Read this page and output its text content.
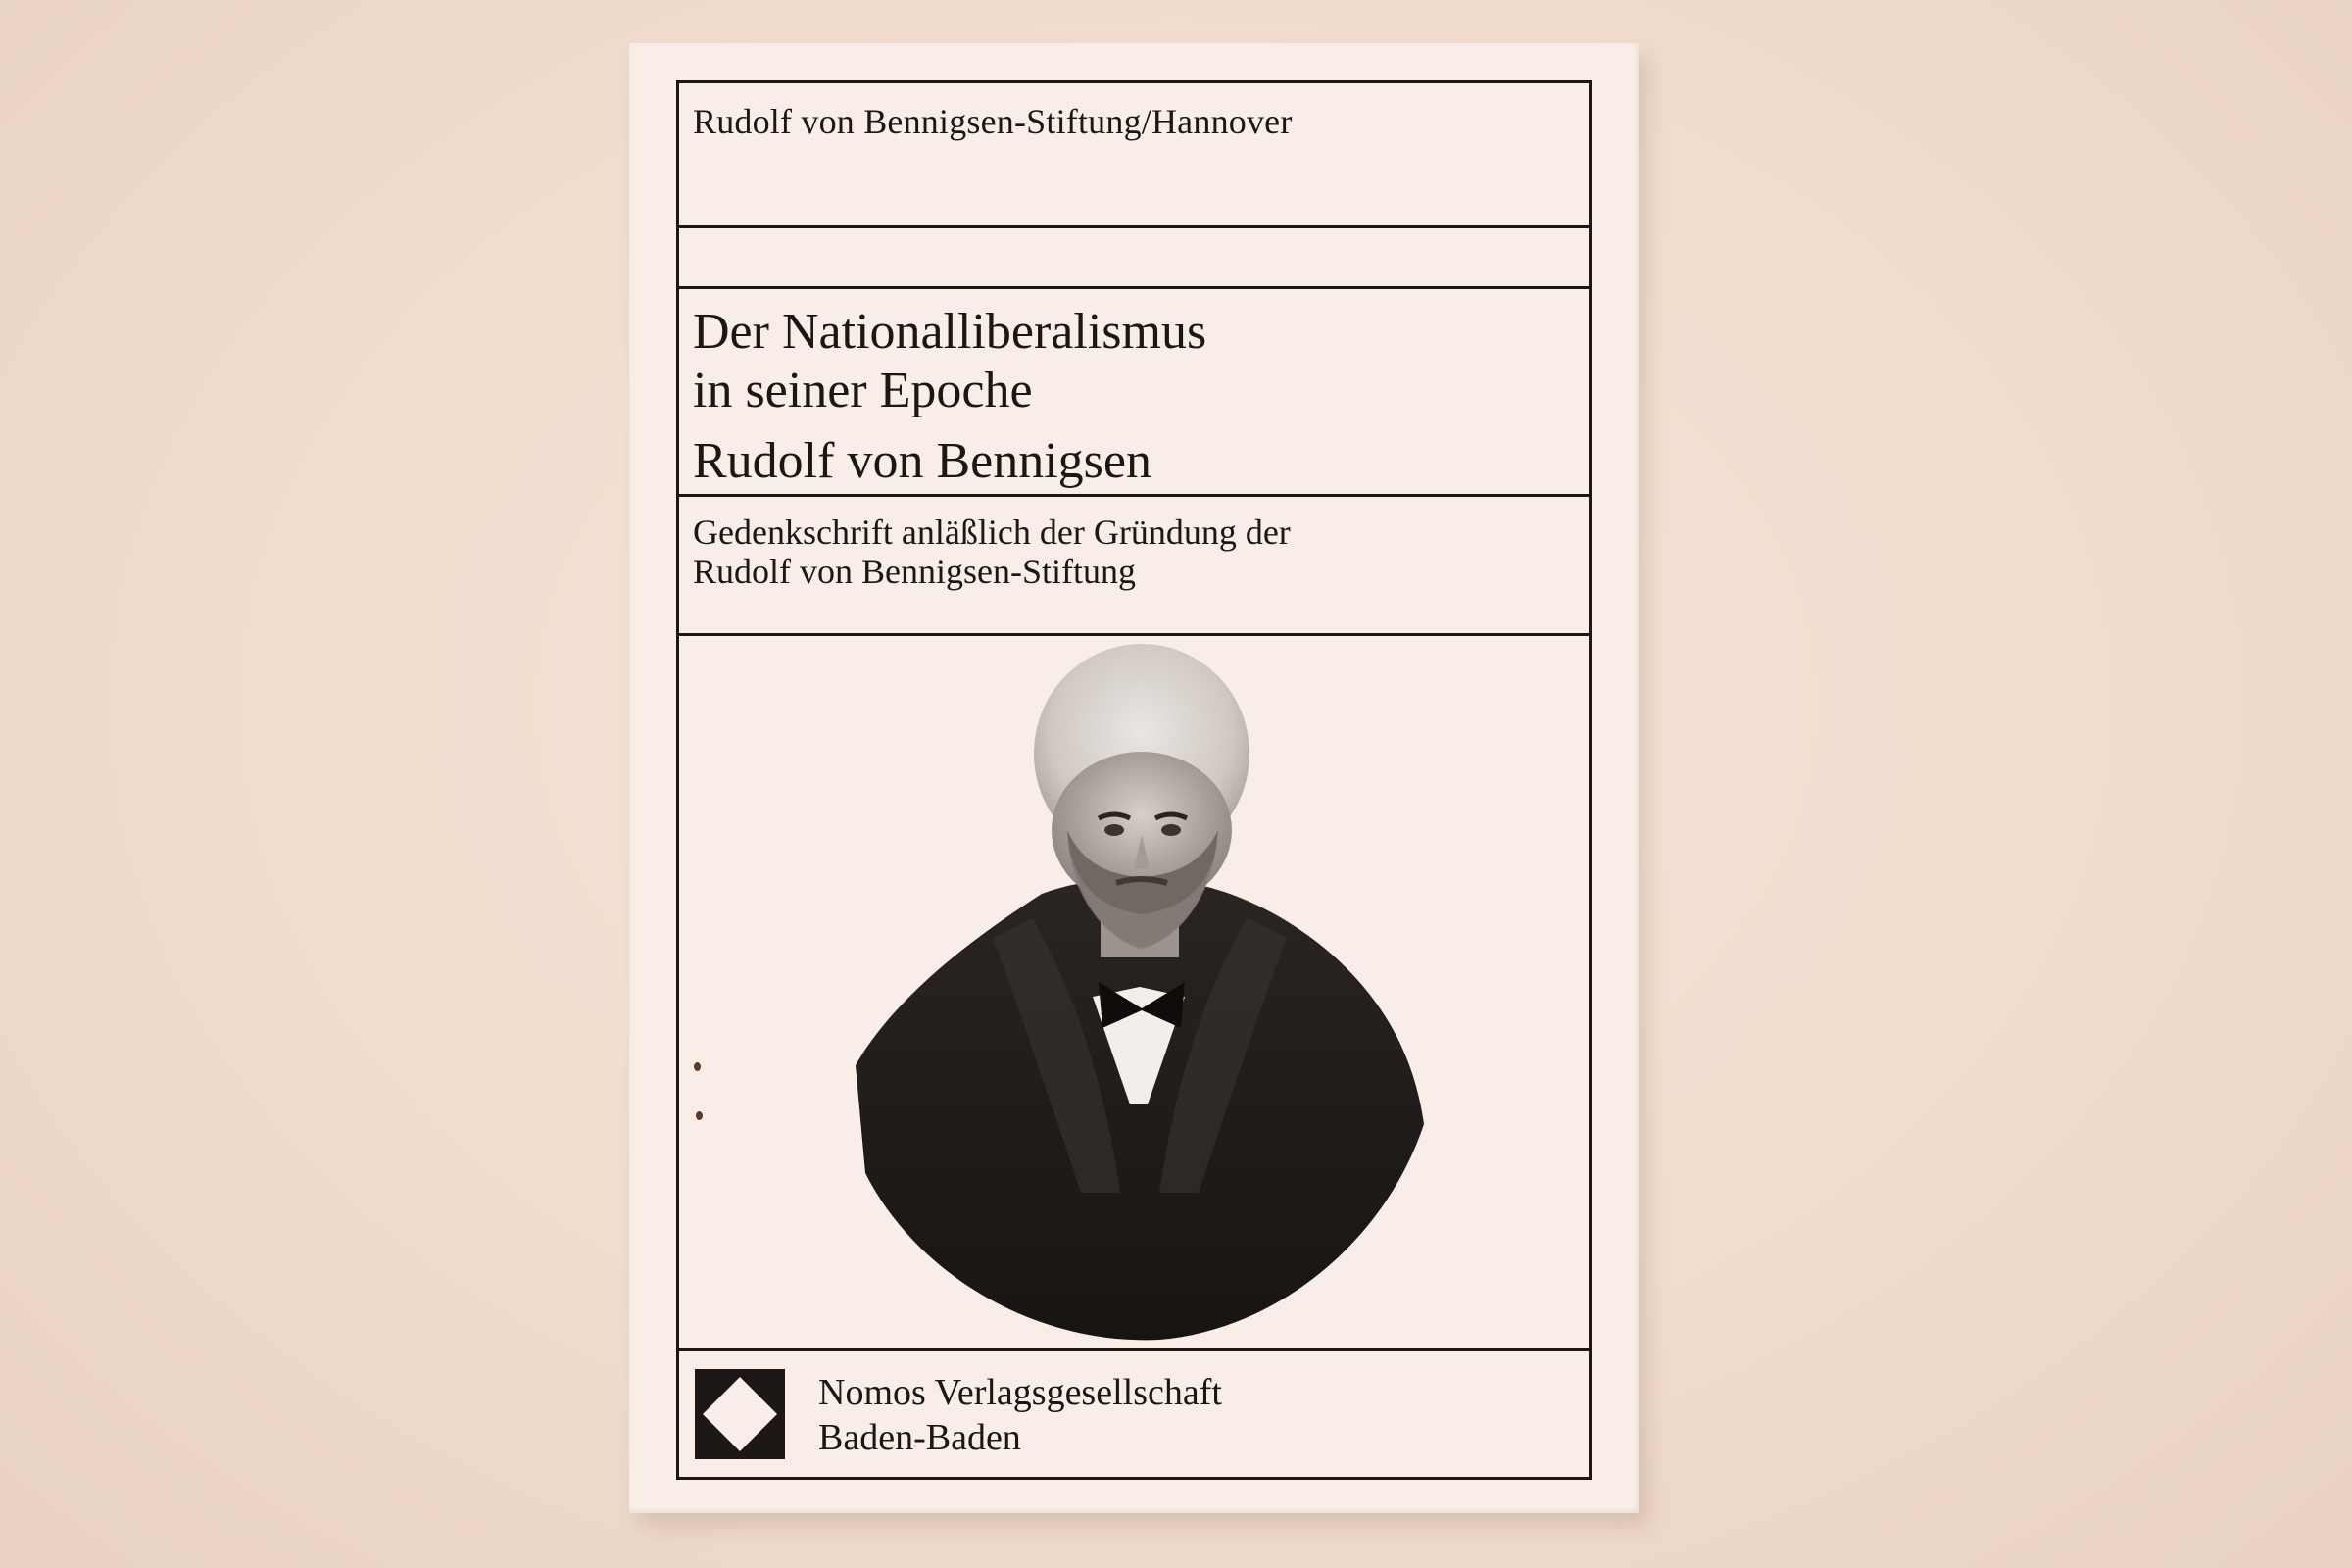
Rudolf von Bennigsen-Stiftung/Hannover
Der Nationalliberalismus
in seiner Epoche
Rudolf von Bennigsen
Gedenkschrift anläßlich der Gründung der
Rudolf von Bennigsen-Stiftung
Nomos Verlagsgesellschaft
Baden-Baden
